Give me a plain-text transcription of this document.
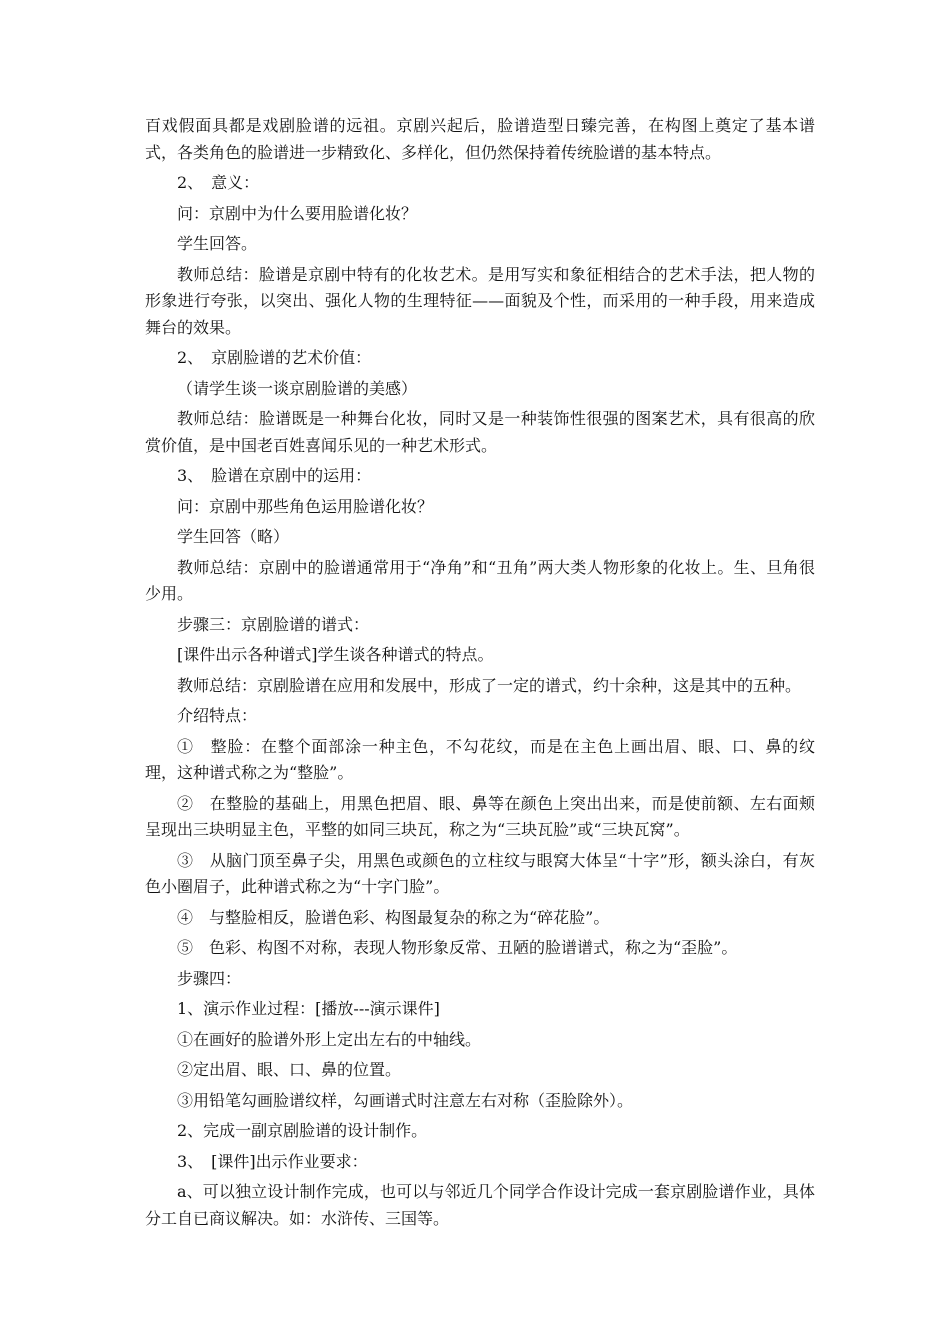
百戏假面具都是戏剧脸谱的远祖。京剧兴起后，脸谱造型日臻完善，在构图上奠定了基本谱式，各类角色的脸谱进一步精致化、多样化，但仍然保持着传统脸谱的基本特点。

2、　意义：

问：京剧中为什么要用脸谱化妆？

学生回答。

教师总结：脸谱是京剧中特有的化妆艺术。是用写实和象征相结合的艺术手法，把人物的形象进行夸张，以突出、强化人物的生理特征——面貌及个性，而采用的一种手段，用来造成舞台的效果。

2、　京剧脸谱的艺术价值：

（请学生谈一谈京剧脸谱的美感）

教师总结：脸谱既是一种舞台化妆，同时又是一种装饰性很强的图案艺术，具有很高的欣赏价值，是中国老百姓喜闻乐见的一种艺术形式。

3、　脸谱在京剧中的运用：

问：京剧中那些角色运用脸谱化妆？

学生回答（略）

教师总结：京剧中的脸谱通常用于“净角”和“丑角”两大类人物形象的化妆上。生、旦角很少用。

步骤三：京剧脸谱的谱式：

[课件出示各种谱式]学生谈各种谱式的特点。

教师总结：京剧脸谱在应用和发展中，形成了一定的谱式，约十余种，这是其中的五种。

介绍特点：

①　整脸：在整个面部涂一种主色，不勾花纹，而是在主色上画出眉、眼、口、鼻的纹理，这种谱式称之为“整脸”。

②　在整脸的基础上，用黑色把眉、眼、鼻等在颜色上突出出来，而是使前额、左右面颊呈现出三块明显主色，平整的如同三块瓦，称之为“三块瓦脸”或“三块瓦窝”。

③　从脑门顶至鼻子尖，用黑色或颜色的立柱纹与眼窝大体呈“十字”形，额头涂白，有灰色小圈眉子，此种谱式称之为“十字门脸”。

④　与整脸相反，脸谱色彩、构图最复杂的称之为“碎花脸”。

⑤　色彩、构图不对称，表现人物形象反常、丑陋的脸谱谱式，称之为“歪脸”。

步骤四：

1、演示作业过程：[播放---演示课件]

①在画好的脸谱外形上定出左右的中轴线。

②定出眉、眼、口、鼻的位置。

③用铅笔勾画脸谱纹样，勾画谱式时注意左右对称（歪脸除外）。

2、完成一副京剧脸谱的设计制作。

3、　[课件]出示作业要求：

a、可以独立设计制作完成，也可以与邻近几个同学合作设计完成一套京剧脸谱作业，具体分工自已商议解决。如：水浒传、三国等。
